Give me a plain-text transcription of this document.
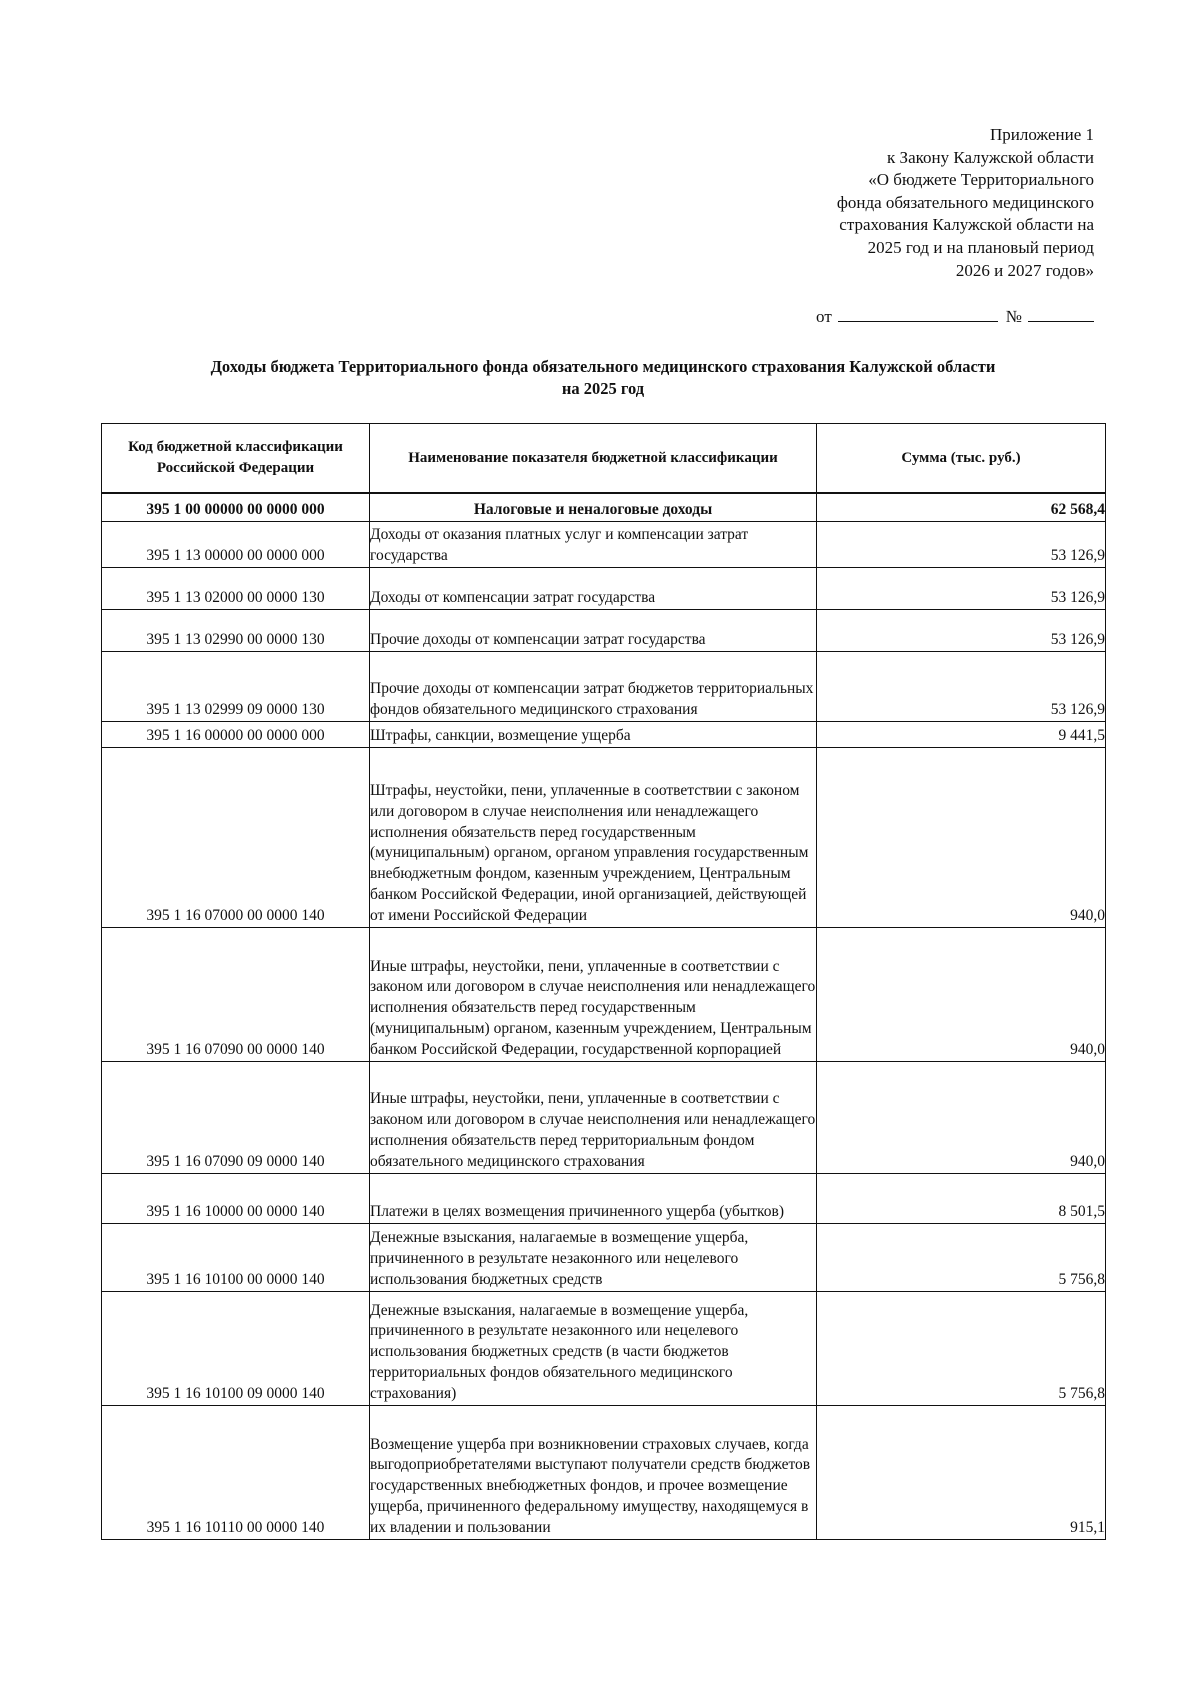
Приложение 1
к Закону Калужской области
«О бюджете Территориального
фонда обязательного медицинского
страхования Калужской области на
2025 год и на плановый период
2026 и 2027 годов»
от	№
Доходы бюджета Территориального фонда обязательного медицинского страхования Калужской области
на 2025 год
Код бюджетной классификации Российской Федерации	Наименование показателя бюджетной классификации	Сумма (тыс. руб.)
395 1 00 00000 00 0000 000	Налоговые и неналоговые доходы	62 568,4
395 1 13 00000 00 0000 000	Доходы от оказания платных услуг и компенсации затрат государства	53 126,9
395 1 13 02000 00 0000 130	Доходы от компенсации затрат государства	53 126,9
395 1 13 02990 00 0000 130	Прочие доходы от компенсации затрат государства	53 126,9
395 1 13 02999 09 0000 130	Прочие доходы от компенсации затрат бюджетов территориальных фондов обязательного медицинского страхования	53 126,9
395 1 16 00000 00 0000 000	Штрафы, санкции, возмещение ущерба	9 441,5
395 1 16 07000 00 0000 140	Штрафы, неустойки, пени, уплаченные в соответствии с законом или договором в случае неисполнения или ненадлежащего исполнения обязательств перед государственным (муниципальным) органом, органом управления государственным внебюджетным фондом, казенным учреждением, Центральным банком Российской Федерации, иной организацией, действующей от имени Российской Федерации	940,0
395 1 16 07090 00 0000 140	Иные штрафы, неустойки, пени, уплаченные в соответствии с законом или договором в случае неисполнения или ненадлежащего исполнения обязательств перед государственным (муниципальным) органом, казенным учреждением, Центральным банком Российской Федерации, государственной корпорацией	940,0
395 1 16 07090 09 0000 140	Иные штрафы, неустойки, пени, уплаченные в соответствии с законом или договором в случае неисполнения или ненадлежащего исполнения обязательств перед территориальным фондом обязательного медицинского страхования	940,0
395 1 16 10000 00 0000 140	Платежи в целях возмещения причиненного ущерба (убытков)	8 501,5
395 1 16 10100 00 0000 140	Денежные взыскания, налагаемые в возмещение ущерба, причиненного в результате незаконного или нецелевого использования бюджетных средств	5 756,8
395 1 16 10100 09 0000 140	Денежные взыскания, налагаемые в возмещение ущерба, причиненного в результате незаконного или нецелевого использования бюджетных средств (в части бюджетов территориальных фондов обязательного медицинского страхования)	5 756,8
395 1 16 10110 00 0000 140	Возмещение ущерба при возникновении страховых случаев, когда выгодоприобретателями выступают получатели средств бюджетов государственных внебюджетных фондов, и прочее возмещение ущерба, причиненного федеральному имуществу, находящемуся в их владении и пользовании	915,1
